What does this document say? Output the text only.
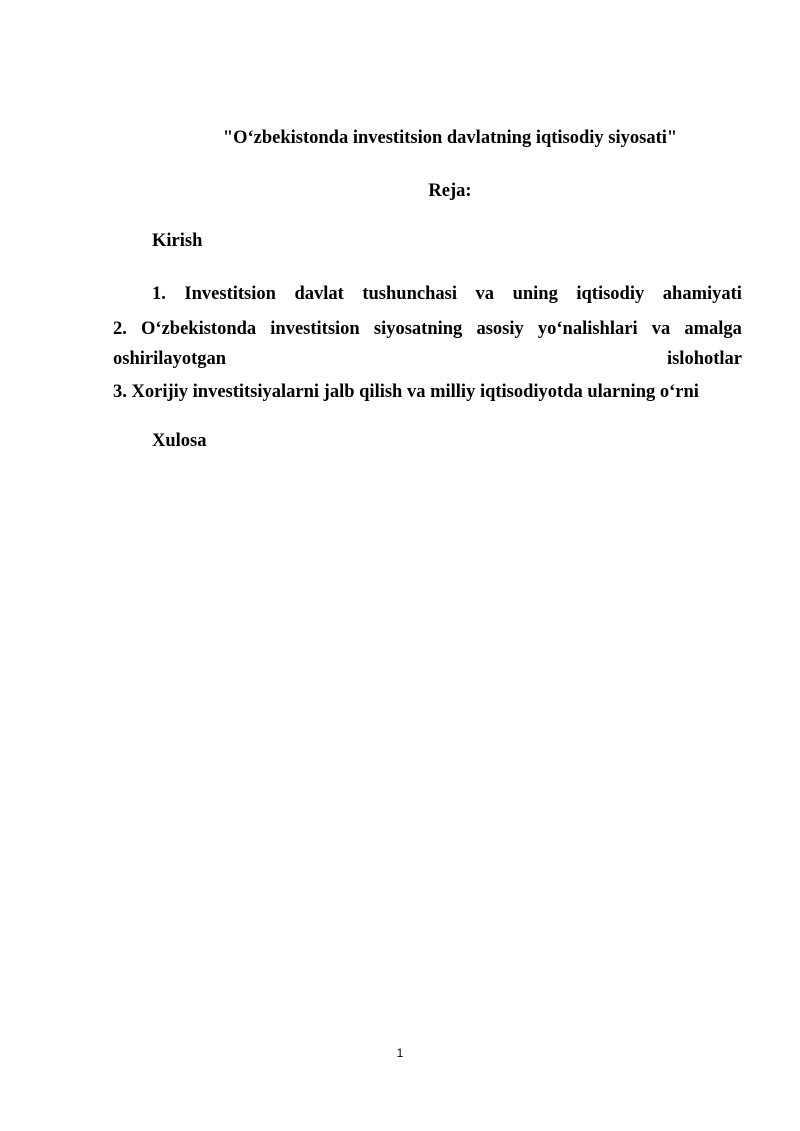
"O‘zbekistonda investitsion davlatning iqtisodiy siyosati"
Reja:
Kirish
1. Investitsion davlat tushunchasi va uning iqtisodiy ahamiyati
2. O‘zbekistonda investitsion siyosatning asosiy yo‘nalishlari va amalga
oshirilayotgan	islohotlar
3. Xorijiy investitsiyalarni jalb qilish va milliy iqtisodiyotda ularning o‘rni
Xulosa
1
